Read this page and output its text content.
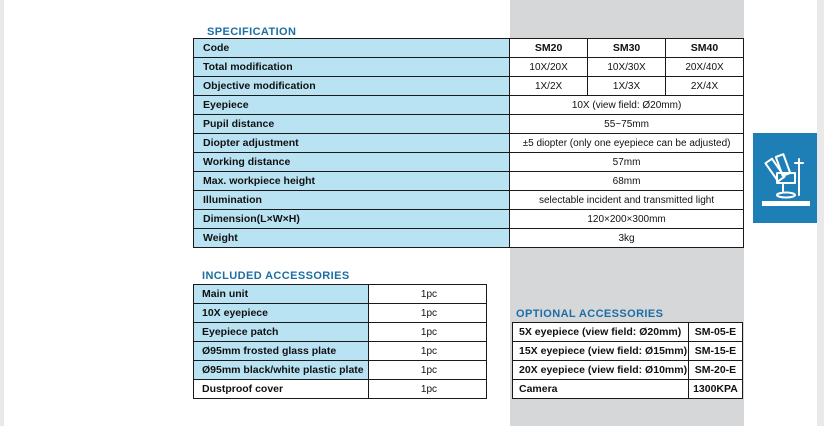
SPECIFICATION
Code	SM20	SM30	SM40
Total modification	10X/20X	10X/30X	20X/40X
Objective modification	1X/2X	1X/3X	2X/4X
Eyepiece	10X (view field: Ø20mm)		
Pupil distance	55~75mm		
Diopter adjustment	±5 diopter (only one eyepiece can be adjusted)		
Working distance	57mm		
Max. workpiece height	68mm		
Illumination	selectable incident and transmitted light		
Dimension(L×W×H)	120×200×300mm		
Weight	3kg		
INCLUDED ACCESSORIES
Main unit	1pc
10X eyepiece	1pc
Eyepiece patch	1pc
Ø95mm frosted glass plate	1pc
Ø95mm black/white plastic plate	1pc
Dustproof cover	1pc
OPTIONAL ACCESSORIES
5X eyepiece (view field: Ø20mm)	SM-05-E
15X eyepiece (view field: Ø15mm)	SM-15-E
20X eyepiece (view field: Ø10mm)	SM-20-E
Camera	1300KPA
